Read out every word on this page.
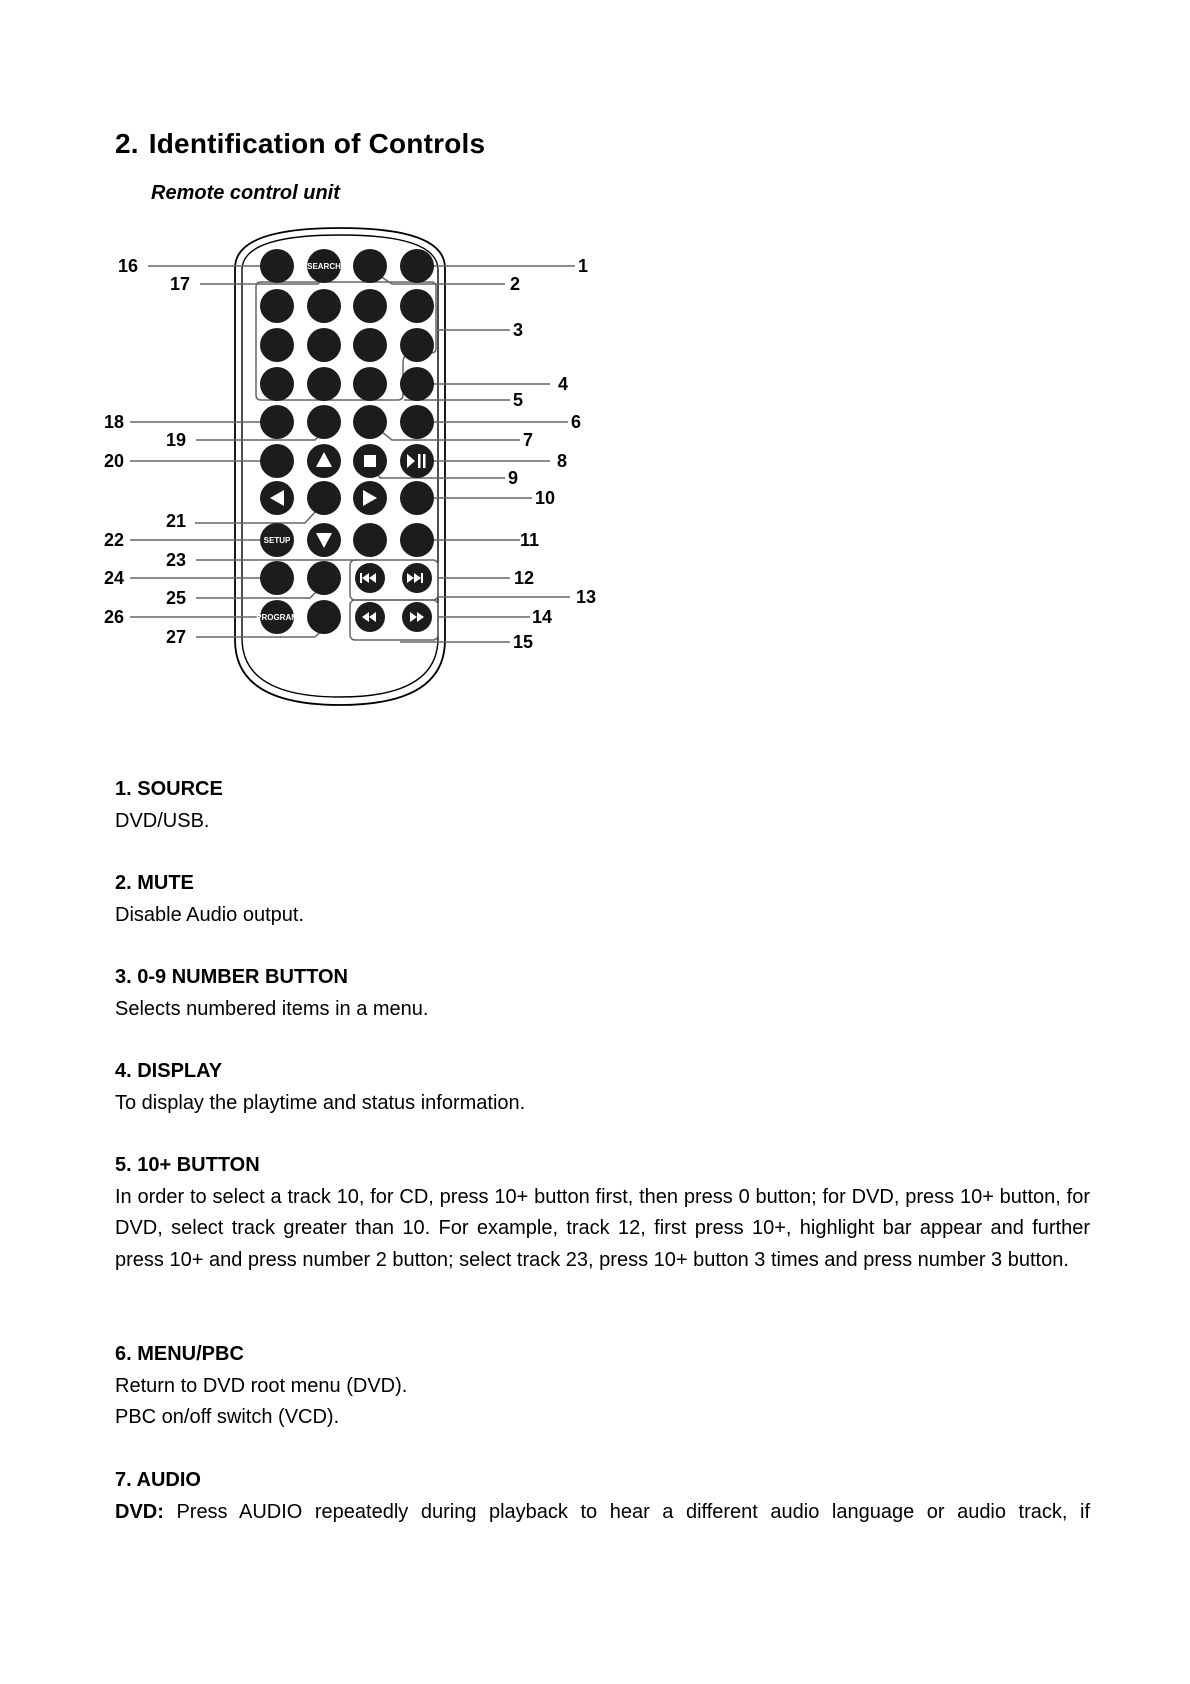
2. Identification of Controls

Remote control unit

SEARCH
SETUP
PROGRAM
1
2
3
4
5
6
7
8
9
10
11
12
13
14
15
16
17
18
19
20
21
22
23
24
25
26
27

1. SOURCE

DVD/USB.

2. MUTE

Disable Audio output.

3. 0-9 NUMBER BUTTON

Selects numbered items in a menu.

4. DISPLAY

To display the playtime and status information.

5. 10+ BUTTON

In order to select a track 10, for CD, press 10+ button first, then press 0 button; for DVD, press 10+ button, for DVD, select track greater than 10. For example, track 12, first press 10+, highlight bar appear and further press 10+ and press number 2 button; select track 23, press 10+ button 3 times and press number 3 button.

6. MENU/PBC

Return to DVD root menu (DVD).

PBC on/off switch (VCD).

7. AUDIO

DVD: Press AUDIO repeatedly during playback to hear a different audio language or audio track, if
